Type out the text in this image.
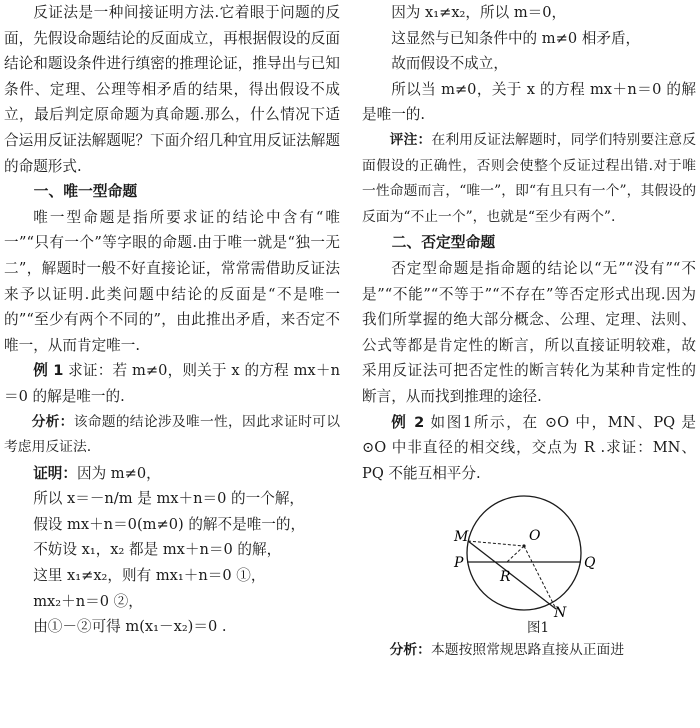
反证法是一种间接证明方法.它着眼于问题的反面，先假设命题结论的反面成立，再根据假设的反面结论和题设条件进行缜密的推理论证，推导出与已知条件、定理、公理等相矛盾的结果，得出假设不成立，最后判定原命题为真命题.那么，什么情况下适合运用反证法解题呢？下面介绍几种宜用反证法解题的命题形式.

一、唯一型命题

唯一型命题是指所要求证的结论中含有“唯一”“只有一个”等字眼的命题.由于唯一就是“独一无二”，解题时一般不好直接论证，常常需借助反证法来予以证明.此类问题中结论的反面是“不是唯一的”“至少有两个不同的”，由此推出矛盾，来否定不唯一，从而肯定唯一.

例 1 求证：若 m≠0，则关于 x 的方程 mx＋n＝0 的解是唯一的.

分析：该命题的结论涉及唯一性，因此求证时可以考虑用反证法.

证明：因为 m≠0，

所以 x＝－n/m 是 mx＋n＝0 的一个解，

假设 mx＋n＝0(m≠0) 的解不是唯一的，

不妨设 x₁，x₂ 都是 mx＋n＝0 的解，

这里 x₁≠x₂，则有 mx₁＋n＝0 ①，

mx₂＋n＝0 ②，

由①－②可得 m(x₁－x₂)＝0 .

因为 x₁≠x₂，所以 m＝0，

这显然与已知条件中的 m≠0 相矛盾，

故而假设不成立，

所以当 m≠0，关于 x 的方程 mx＋n＝0 的解是唯一的.

评注：在利用反证法解题时，同学们特别要注意反面假设的正确性，否则会使整个反证过程出错.对于唯一性命题而言，“唯一”，即“有且只有一个”，其假设的反面为“不止一个”，也就是“至少有两个”.

二、否定型命题

否定型命题是指命题的结论以“无”“没有”“不是”“不能”“不等于”“不存在”等否定形式出现.因为我们所掌握的绝大部分概念、公理、定理、法则、公式等都是肯定性的断言，所以直接证明较难，故采用反证法可把否定性的断言转化为某种肯定性的断言，从而找到推理的途径.

例 2 如图1所示，在 ⊙O 中，MN、PQ 是 ⊙O 中非直径的相交线，交点为 R .求证：MN、PQ 不能互相平分.

M	O
P	Q
R
N

图1

分析：本题按照常规思路直接从正面进
